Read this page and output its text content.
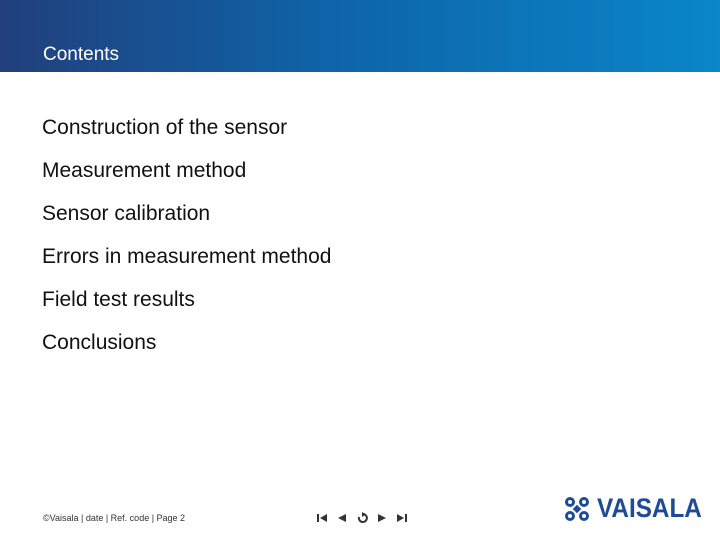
Contents
Construction of the sensor
Measurement method
Sensor calibration
Errors in measurement method
Field test results
Conclusions
©Vaisala | date | Ref. code | Page 2	VAISALA
